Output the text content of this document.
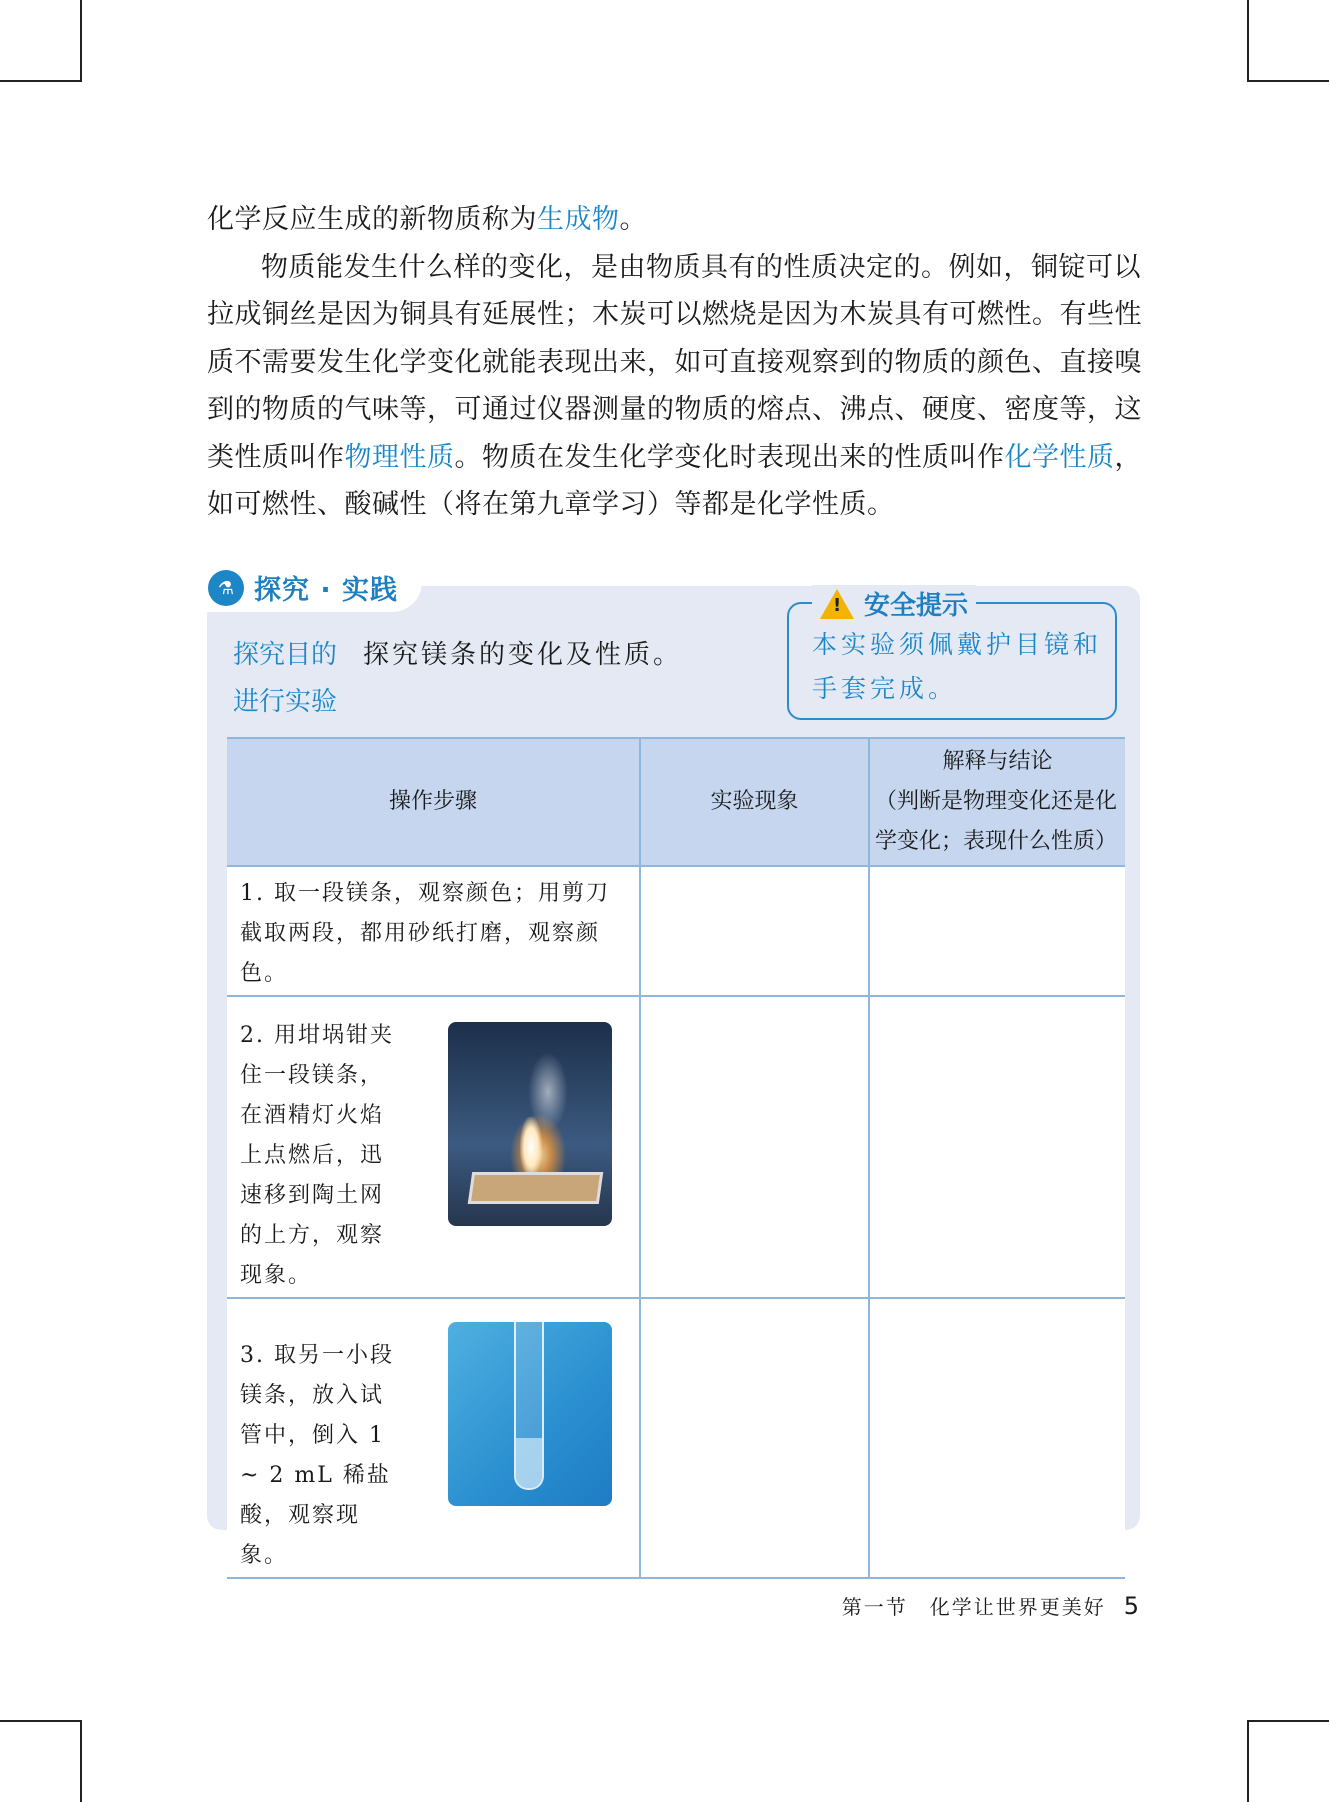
化学反应生成的新物质称为生成物。

物质能发生什么样的变化，是由物质具有的性质决定的。例如，铜锭可以拉成铜丝是因为铜具有延展性；木炭可以燃烧是因为木炭具有可燃性。有些性质不需要发生化学变化就能表现出来，如可直接观察到的物质的颜色、直接嗅到的物质的气味等，可通过仪器测量的物质的熔点、沸点、硬度、密度等，这类性质叫作物理性质。物质在发生化学变化时表现出来的性质叫作化学性质，如可燃性、酸碱性（将在第九章学习）等都是化学性质。

⚗ 探究 · 实践
探究目的 探究镁条的变化及性质。
进行实验
! 安全提示
本实验须佩戴护目镜和手套完成。
操作步骤	实验现象	解释与结论
（判断是物理变化还是化学变化；表现什么性质）

1. 取一段镁条，观察颜色；用剪刀截取两段，都用砂纸打磨，观察颜色。		

2. 用坩埚钳夹住一段镁条，在酒精灯火焰上点燃后，迅速移到陶土网的上方，观察现象。		

3. 取另一小段镁条，放入试管中，倒入 1 ~ 2 mL 稀盐酸，观察现象。		

第一节　化学让世界更美好 5
